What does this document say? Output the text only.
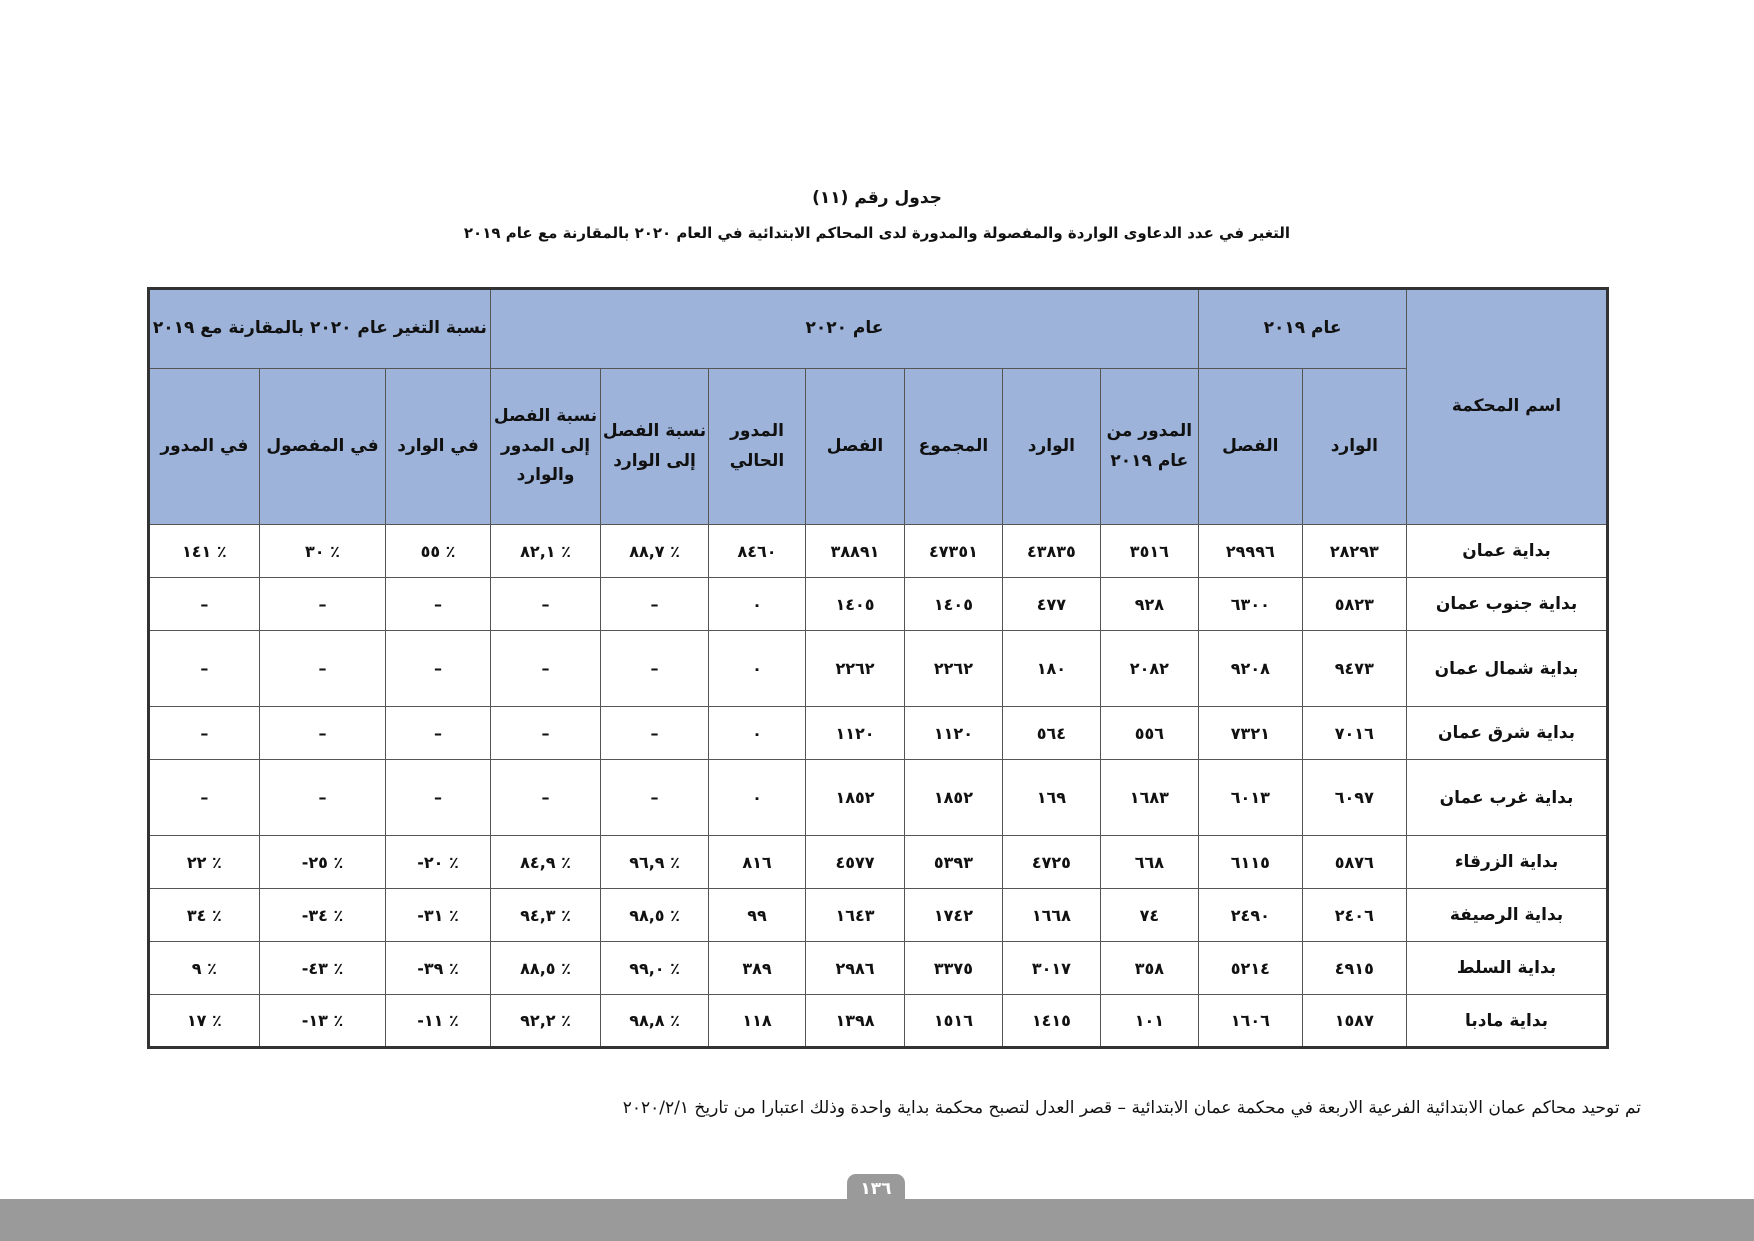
جدول رقم (١١)
التغير في عدد الدعاوى الواردة والمفصولة والمدورة لدى المحاكم الابتدائية في العام ٢٠٢٠ بالمقارنة مع عام ٢٠١٩
اسم المحكمة	عام ٢٠١٩		عام ٢٠٢٠							نسبة التغير عام ٢٠٢٠ بالمقارنة مع ٢٠١٩		
	الوارد	الفصل	المدور من عام ٢٠١٩	الوارد	المجموع	الفصل	المدور الحالي	نسبة الفصل إلى الوارد	نسبة الفصل إلى المدور والوارد	في الوارد	في المفصول	في المدور
بداية عمان	٢٨٢٩٣	٢٩٩٩٦	٣٥١٦	٤٣٨٣٥	٤٧٣٥١	٣٨٨٩١	٨٤٦٠	٪ ٨٨,٧	٪ ٨٢,١	٪ ٥٥	٪ ٣٠	٪ ١٤١
بداية جنوب عمان	٥٨٢٣	٦٣٠٠	٩٢٨	٤٧٧	١٤٠٥	١٤٠٥	٠	–	–	–	–	–
بداية شمال عمان	٩٤٧٣	٩٢٠٨	٢٠٨٢	١٨٠	٢٢٦٢	٢٢٦٢	٠	–	–	–	–	–
بداية شرق عمان	٧٠١٦	٧٣٢١	٥٥٦	٥٦٤	١١٢٠	١١٢٠	٠	–	–	–	–	–
بداية غرب عمان	٦٠٩٧	٦٠١٣	١٦٨٣	١٦٩	١٨٥٢	١٨٥٢	٠	–	–	–	–	–
بداية الزرقاء	٥٨٧٦	٦١١٥	٦٦٨	٤٧٢٥	٥٣٩٣	٤٥٧٧	٨١٦	٪ ٩٦,٩	٪ ٨٤,٩	٪ ٢٠-	٪ ٢٥-	٪ ٢٢
بداية الرصيفة	٢٤٠٦	٢٤٩٠	٧٤	١٦٦٨	١٧٤٢	١٦٤٣	٩٩	٪ ٩٨,٥	٪ ٩٤,٣	٪ ٣١-	٪ ٣٤-	٪ ٣٤
بداية السلط	٤٩١٥	٥٢١٤	٣٥٨	٣٠١٧	٣٣٧٥	٢٩٨٦	٣٨٩	٪ ٩٩,٠	٪ ٨٨,٥	٪ ٣٩-	٪ ٤٣-	٪ ٩
بداية مادبا	١٥٨٧	١٦٠٦	١٠١	١٤١٥	١٥١٦	١٣٩٨	١١٨	٪ ٩٨,٨	٪ ٩٢,٢	٪ ١١-	٪ ١٣-	٪ ١٧
تم توحيد محاكم عمان الابتدائية الفرعية الاربعة في محكمة عمان الابتدائية – قصر العدل لتصبح محكمة بداية واحدة وذلك اعتبارا من تاريخ ٢٠٢٠/٢/١
١٣٦
